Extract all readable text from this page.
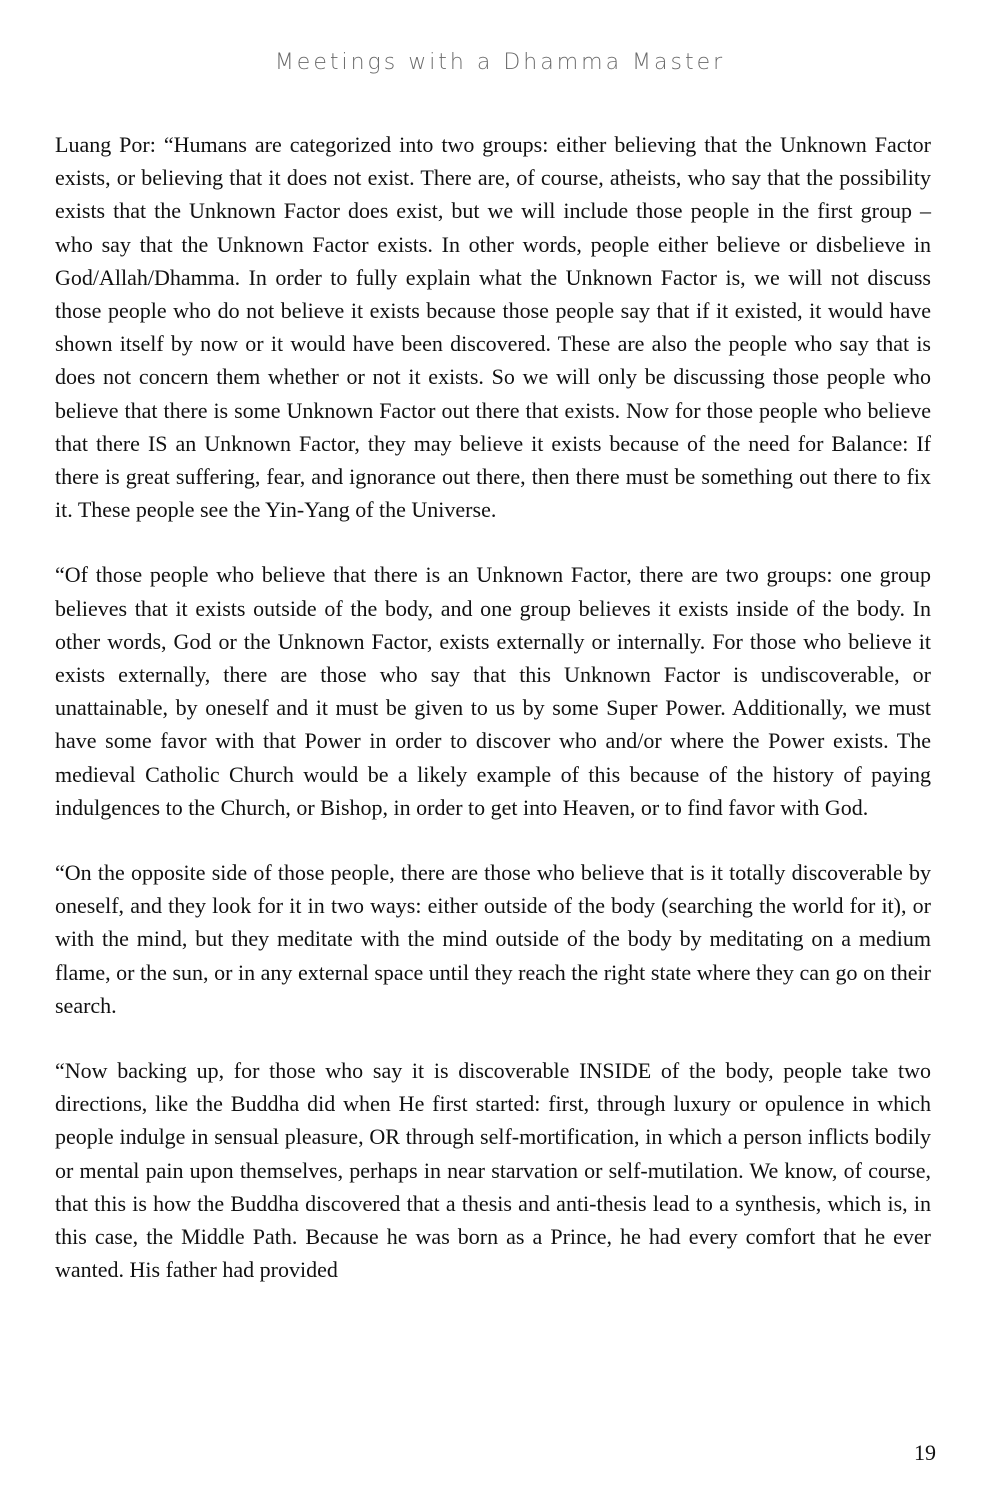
Meetings with a Dhamma Master

Luang Por: “Humans are categorized into two groups: either believing that the Unknown Factor exists, or believing that it does not exist. There are, of course, atheists, who say that the possibility exists that the Unknown Factor does exist, but we will include those people in the first group – who say that the Unknown Factor exists. In other words, people either believe or disbelieve in God/Allah/Dhamma. In order to fully explain what the Unknown Factor is, we will not discuss those people who do not believe it exists because those people say that if it existed, it would have shown itself by now or it would have been discovered. These are also the people who say that is does not concern them whether or not it exists. So we will only be discussing those people who believe that there is some Unknown Factor out there that exists. Now for those people who believe that there IS an Unknown Factor, they may believe it exists because of the need for Balance: If there is great suffering, fear, and ignorance out there, then there must be something out there to fix it. These people see the Yin-Yang of the Universe.

“Of those people who believe that there is an Unknown Factor, there are two groups: one group believes that it exists outside of the body, and one group believes it exists inside of the body. In other words, God or the Unknown Factor, exists externally or internally. For those who believe it exists externally, there are those who say that this Unknown Factor is undiscoverable, or unattainable, by oneself and it must be given to us by some Super Power. Additionally, we must have some favor with that Power in order to discover who and/or where the Power exists. The medieval Catholic Church would be a likely example of this because of the history of paying indulgences to the Church, or Bishop, in order to get into Heaven, or to find favor with God.

“On the opposite side of those people, there are those who believe that is it totally discoverable by oneself, and they look for it in two ways: either outside of the body (searching the world for it), or with the mind, but they meditate with the mind outside of the body by meditating on a medium flame, or the sun, or in any external space until they reach the right state where they can go on their search.

“Now backing up, for those who say it is discoverable INSIDE of the body, people take two directions, like the Buddha did when He first started: first, through luxury or opulence in which people indulge in sensual pleasure, OR through self-mortification, in which a person inflicts bodily or mental pain upon themselves, perhaps in near starvation or self-mutilation. We know, of course, that this is how the Buddha discovered that a thesis and anti-thesis lead to a synthesis, which is, in this case, the Middle Path. Because he was born as a Prince, he had every comfort that he ever wanted. His father had provided

19
